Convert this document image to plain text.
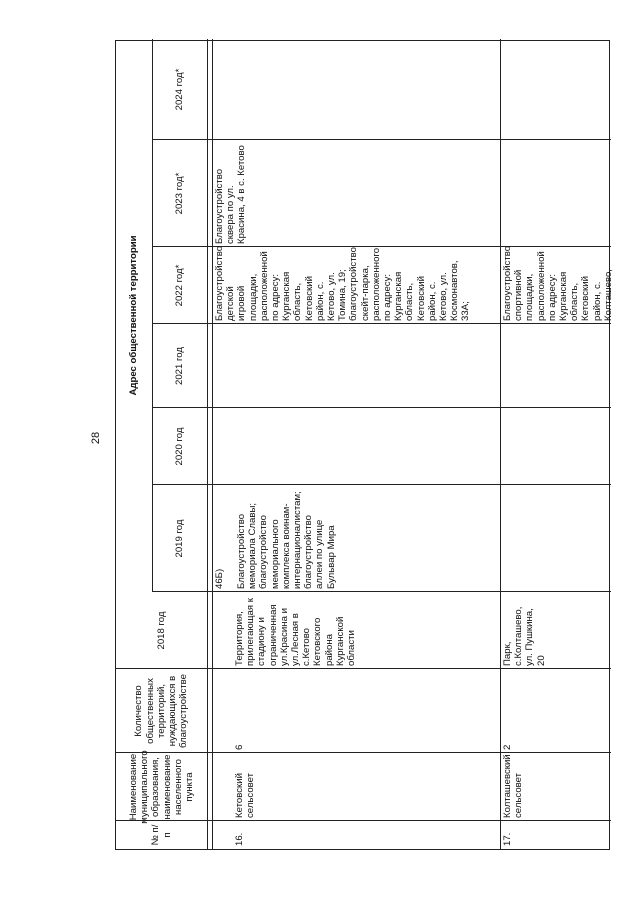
28
№ п/п
Наименование муниципального образования, наименование населенного пункта
Количество общественных территорий, нуждающихся в благоустройстве
2018 год
Адрес общественной территории
2019 год
2020 год
2021 год
2022 год*
2023 год*
2024 год*
46Б)
16.
Кетовский сельсовет
6
Территория, прилегающая к стадиону и ограниченная ул.Красина и ул.Лесная в с.Кетово Кетовского района Курганской области
Благоустройство мемориала Славы; благоустройство мемориального комплекса воинам-интернационалистам; благоустройство аллеи по улице Бульвар Мира
Благоустройство детской игровой площадки, расположенной по адресу: Курганская область, Кетовский район, с. Кетово, ул. Томина, 19; благоустройство скейт-парка, расположенного по адресу: Курганская область, Кетовский район, с. Кетово, ул. Космонавтов, 33А;
Благоустройство сквера по ул. Красина, 4 в с. Кетово
17.
Колташевский сельсовет
2
Парк, с.Колташево, ул. Пушкина, 20
Благоустройство спортивной площадки, расположенной по адресу: Курганская область, Кетовский район, с. Колташево,
